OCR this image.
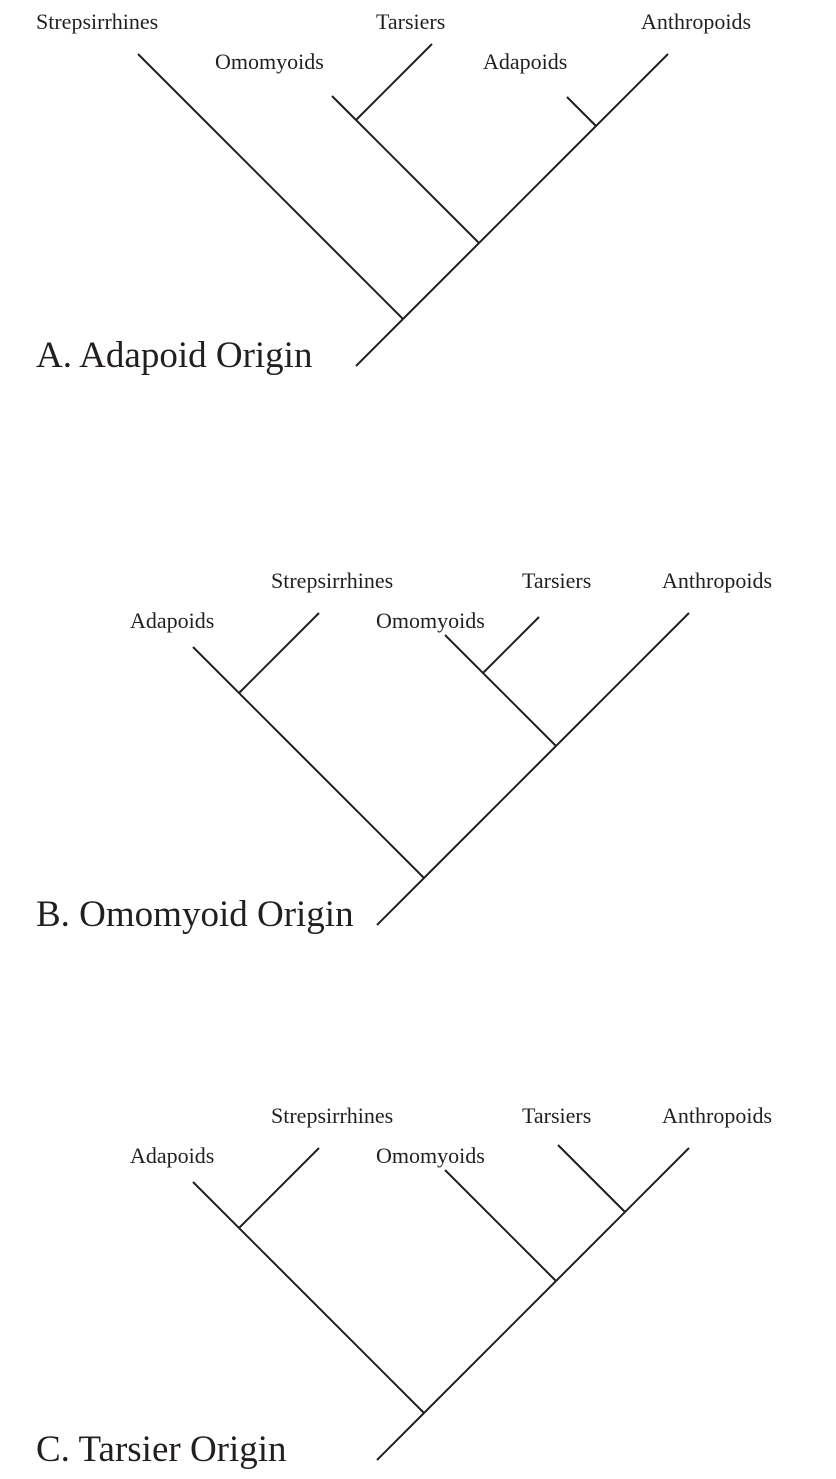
Strepsirrhines
Omomyoids
Tarsiers
Adapoids
Anthropoids
A. Adapoid Origin
Adapoids
Strepsirrhines
Omomyoids
Tarsiers	Anthropoids
B. Omomyoid Origin
Adapoids
Strepsirrhines
Omomyoids
Tarsiers	Anthropoids
C. Tarsier Origin
